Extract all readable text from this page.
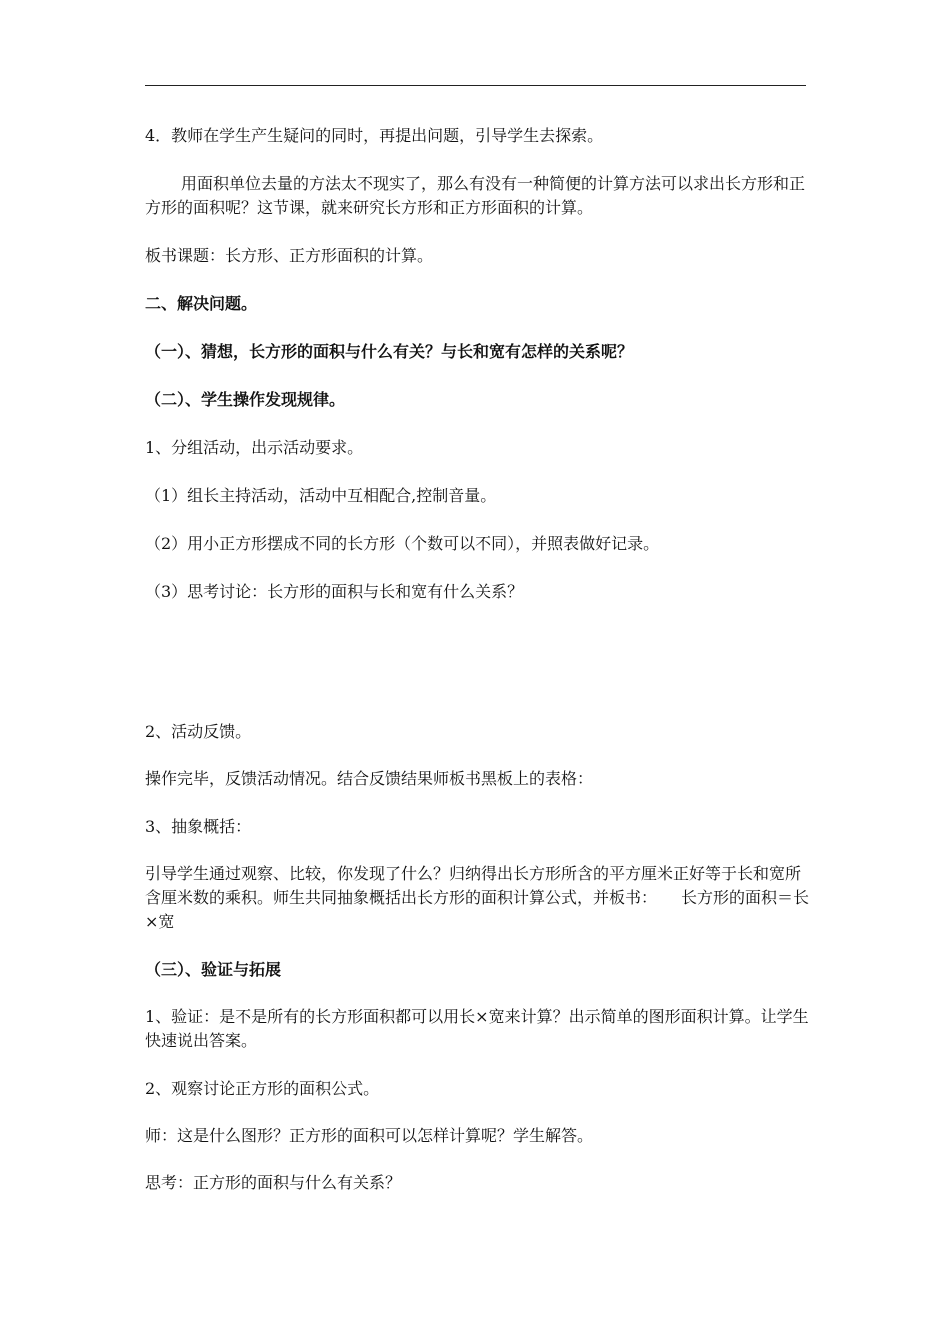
4．教师在学生产生疑问的同时，再提出问题，引导学生去探索。
用面积单位去量的方法太不现实了，那么有没有一种简便的计算方法可以求出长方形和正方形的面积呢？这节课，就来研究长方形和正方形面积的计算。
板书课题：长方形、正方形面积的计算。
二、解决问题。
（一）、猜想，长方形的面积与什么有关？与长和宽有怎样的关系呢？
（二）、学生操作发现规律。
1、分组活动，出示活动要求。
（1）组长主持活动，活动中互相配合,控制音量。
（2）用小正方形摆成不同的长方形（个数可以不同），并照表做好记录。
（3）思考讨论：长方形的面积与长和宽有什么关系？
2、活动反馈。
操作完毕，反馈活动情况。结合反馈结果师板书黑板上的表格：
3、抽象概括：
引导学生通过观察、比较，你发现了什么？归纳得出长方形所含的平方厘米正好等于长和宽所含厘米数的乘积。师生共同抽象概括出长方形的面积计算公式，并板书：　　长方形的面积＝长×宽
（三）、验证与拓展
1、验证：是不是所有的长方形面积都可以用长×宽来计算？出示简单的图形面积计算。让学生快速说出答案。
2、观察讨论正方形的面积公式。
师：这是什么图形？正方形的面积可以怎样计算呢？学生解答。
思考：正方形的面积与什么有关系？
